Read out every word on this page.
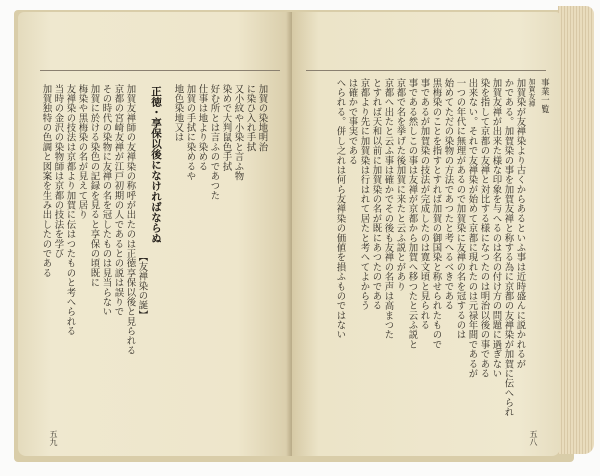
加賀の染地明治
に染ひ入れ手拭
又小紋や小染と言ふ物
染めで大判鼠色手拭
好む所とは言ふのであつた
仕事は地より染める
加賀の手拭に染めるや
地色染地又は
正徳・享保以後になければならぬ
【友禅染の誕】
加賀友禅師の友禅染の称呼が出たのは正徳享保以後と見られる
京都の宮崎友禅が江戸初期の人であるとの説は誤りで
その時代の染物に友禅の名を冠したものは見当らない
加賀に於ける染色の記録を見ると享保の頃既に
梅染や黒梅染の名が見えて居り
友禅染の技法は京都より加賀に伝はつたものと考へられる
当時の金沢の染物師は京都の技法を学び
加賀独特の色調と図案を生み出したのである
五九
事業一覧
加賀友禅
加賀染が友禅染より古くからあるといふ事は近時盛んに説かれるが
かである。加賀染の事を加賀友禅と称する為に京都の友禅染が加賀に伝へられ
加賀友禅が出来た様な印象を与へるのは名の付け方の問題に過ぎない
染を指して京都の友禅と対比する様になつたのは明治以後の事である
出来ない。それで友禅染が始めて京都に現れたのは元禄年間であるが
一つの年代に無理があるので加賀染に友禅の名を冠するのは
始めてただの染物の方法であつたと考へるべきである
黒梅染のことを指すとすれば加賀の御国染と称せられたもので
事であるが加賀染の技法が完成したのは寛文頃と見られる
事である然しこの事は友禅が京都から加賀へ移つたと云ふ説と
京都で名を挙げた後加賀に来たと云ふ説とがあり
京都へ出たと云ふ事は確かでその後も友禅の名声は高まつた
とすれば天和以前に加賀染の名が既にあつたのである
京都より先に加賀染は行はれて居たと考へてよからう
は確かで事実である
へられる。併し之れは何ら友禅染の価値を損ふものではない
五八
